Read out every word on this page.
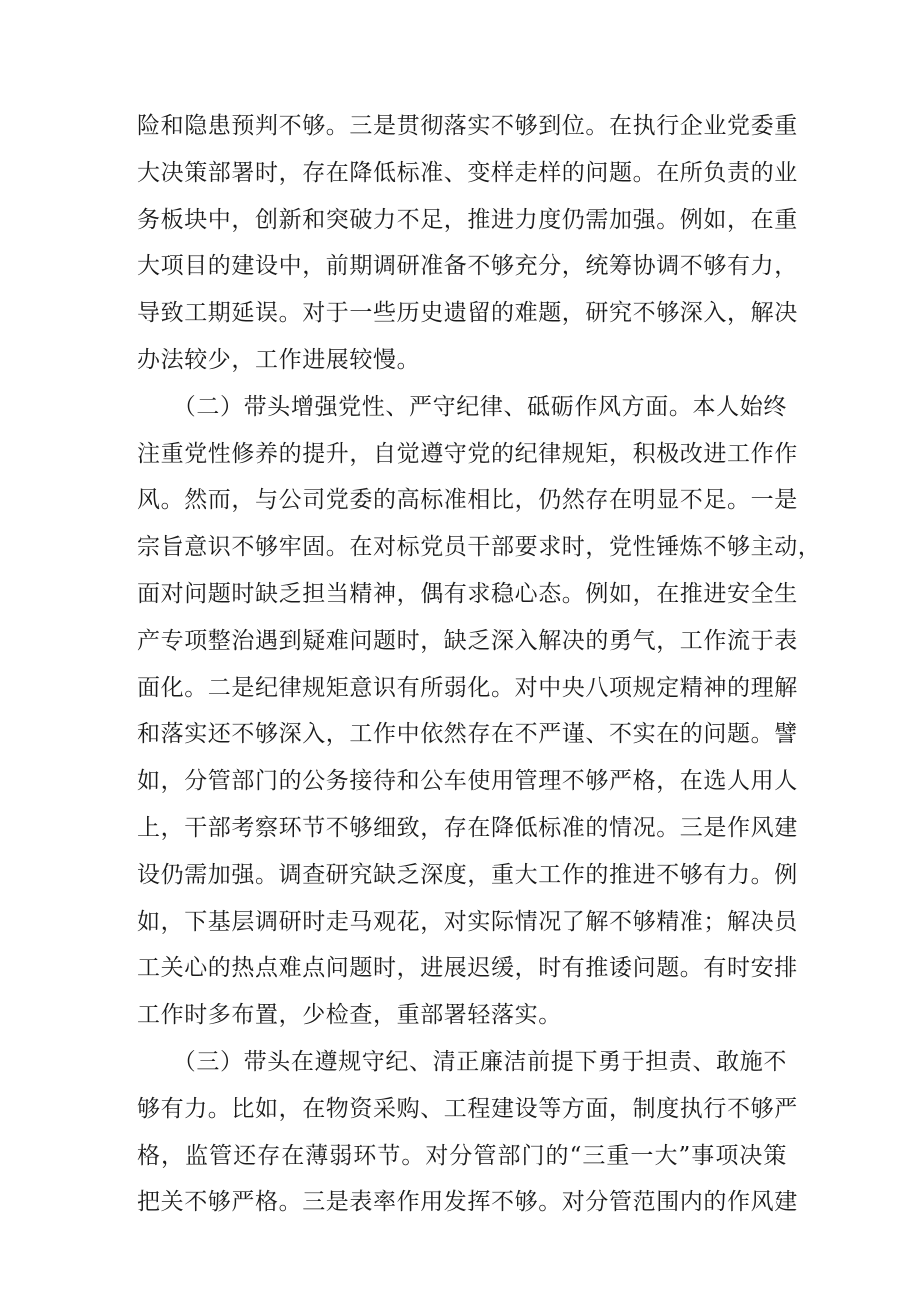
险和隐患预判不够。三是贯彻落实不够到位。在执行企业党委重
大决策部署时，存在降低标准、变样走样的问题。在所负责的业
务板块中，创新和突破力不足，推进力度仍需加强。例如，在重
大项目的建设中，前期调研准备不够充分，统筹协调不够有力，
导致工期延误。对于一些历史遗留的难题，研究不够深入，解决
办法较少，工作进展较慢。
　　（二）带头增强党性、严守纪律、砥砺作风方面。本人始终
注重党性修养的提升，自觉遵守党的纪律规矩，积极改进工作作
风。然而，与公司党委的高标准相比，仍然存在明显不足。一是
宗旨意识不够牢固。在对标党员干部要求时，党性锤炼不够主动，
面对问题时缺乏担当精神，偶有求稳心态。例如，在推进安全生
产专项整治遇到疑难问题时，缺乏深入解决的勇气，工作流于表
面化。二是纪律规矩意识有所弱化。对中央八项规定精神的理解
和落实还不够深入，工作中依然存在不严谨、不实在的问题。譬
如，分管部门的公务接待和公车使用管理不够严格，在选人用人
上，干部考察环节不够细致，存在降低标准的情况。三是作风建
设仍需加强。调查研究缺乏深度，重大工作的推进不够有力。例
如，下基层调研时走马观花，对实际情况了解不够精准；解决员
工关心的热点难点问题时，进展迟缓，时有推诿问题。有时安排
工作时多布置，少检查，重部署轻落实。
　　（三）带头在遵规守纪、清正廉洁前提下勇于担责、敢施不
够有力。比如，在物资采购、工程建设等方面，制度执行不够严
格，监管还存在薄弱环节。对分管部门的“三重一大”事项决策
把关不够严格。三是表率作用发挥不够。对分管范围内的作风建
